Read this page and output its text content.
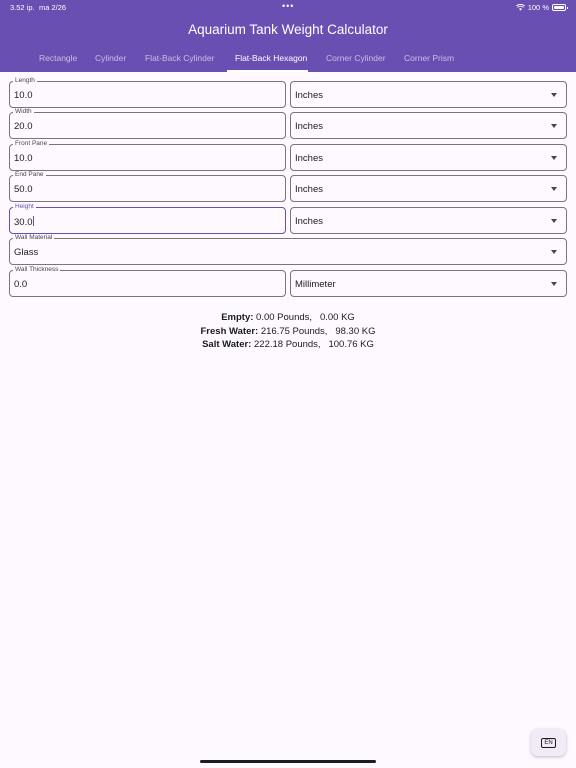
3.52 ip. ma 2/26	•••	100 %
Aquarium Tank Weight Calculator
Rectangle Cylinder Flat-Back Cylinder Flat-Back Hexagon Corner Cylinder Corner Prism
Length
10.0	Inches
Width
20.0	Inches
Front Pane
10.0	Inches
End Pane
50.0	Inches
Height
30.0	Inches
Wall Material
Glass
Wall Thickness
0.0	Millimeter
Empty: 0.00 Pounds,   0.00 KG
Fresh Water: 216.75 Pounds,   98.30 KG
Salt Water: 222.18 Pounds,   100.76 KG
EN
